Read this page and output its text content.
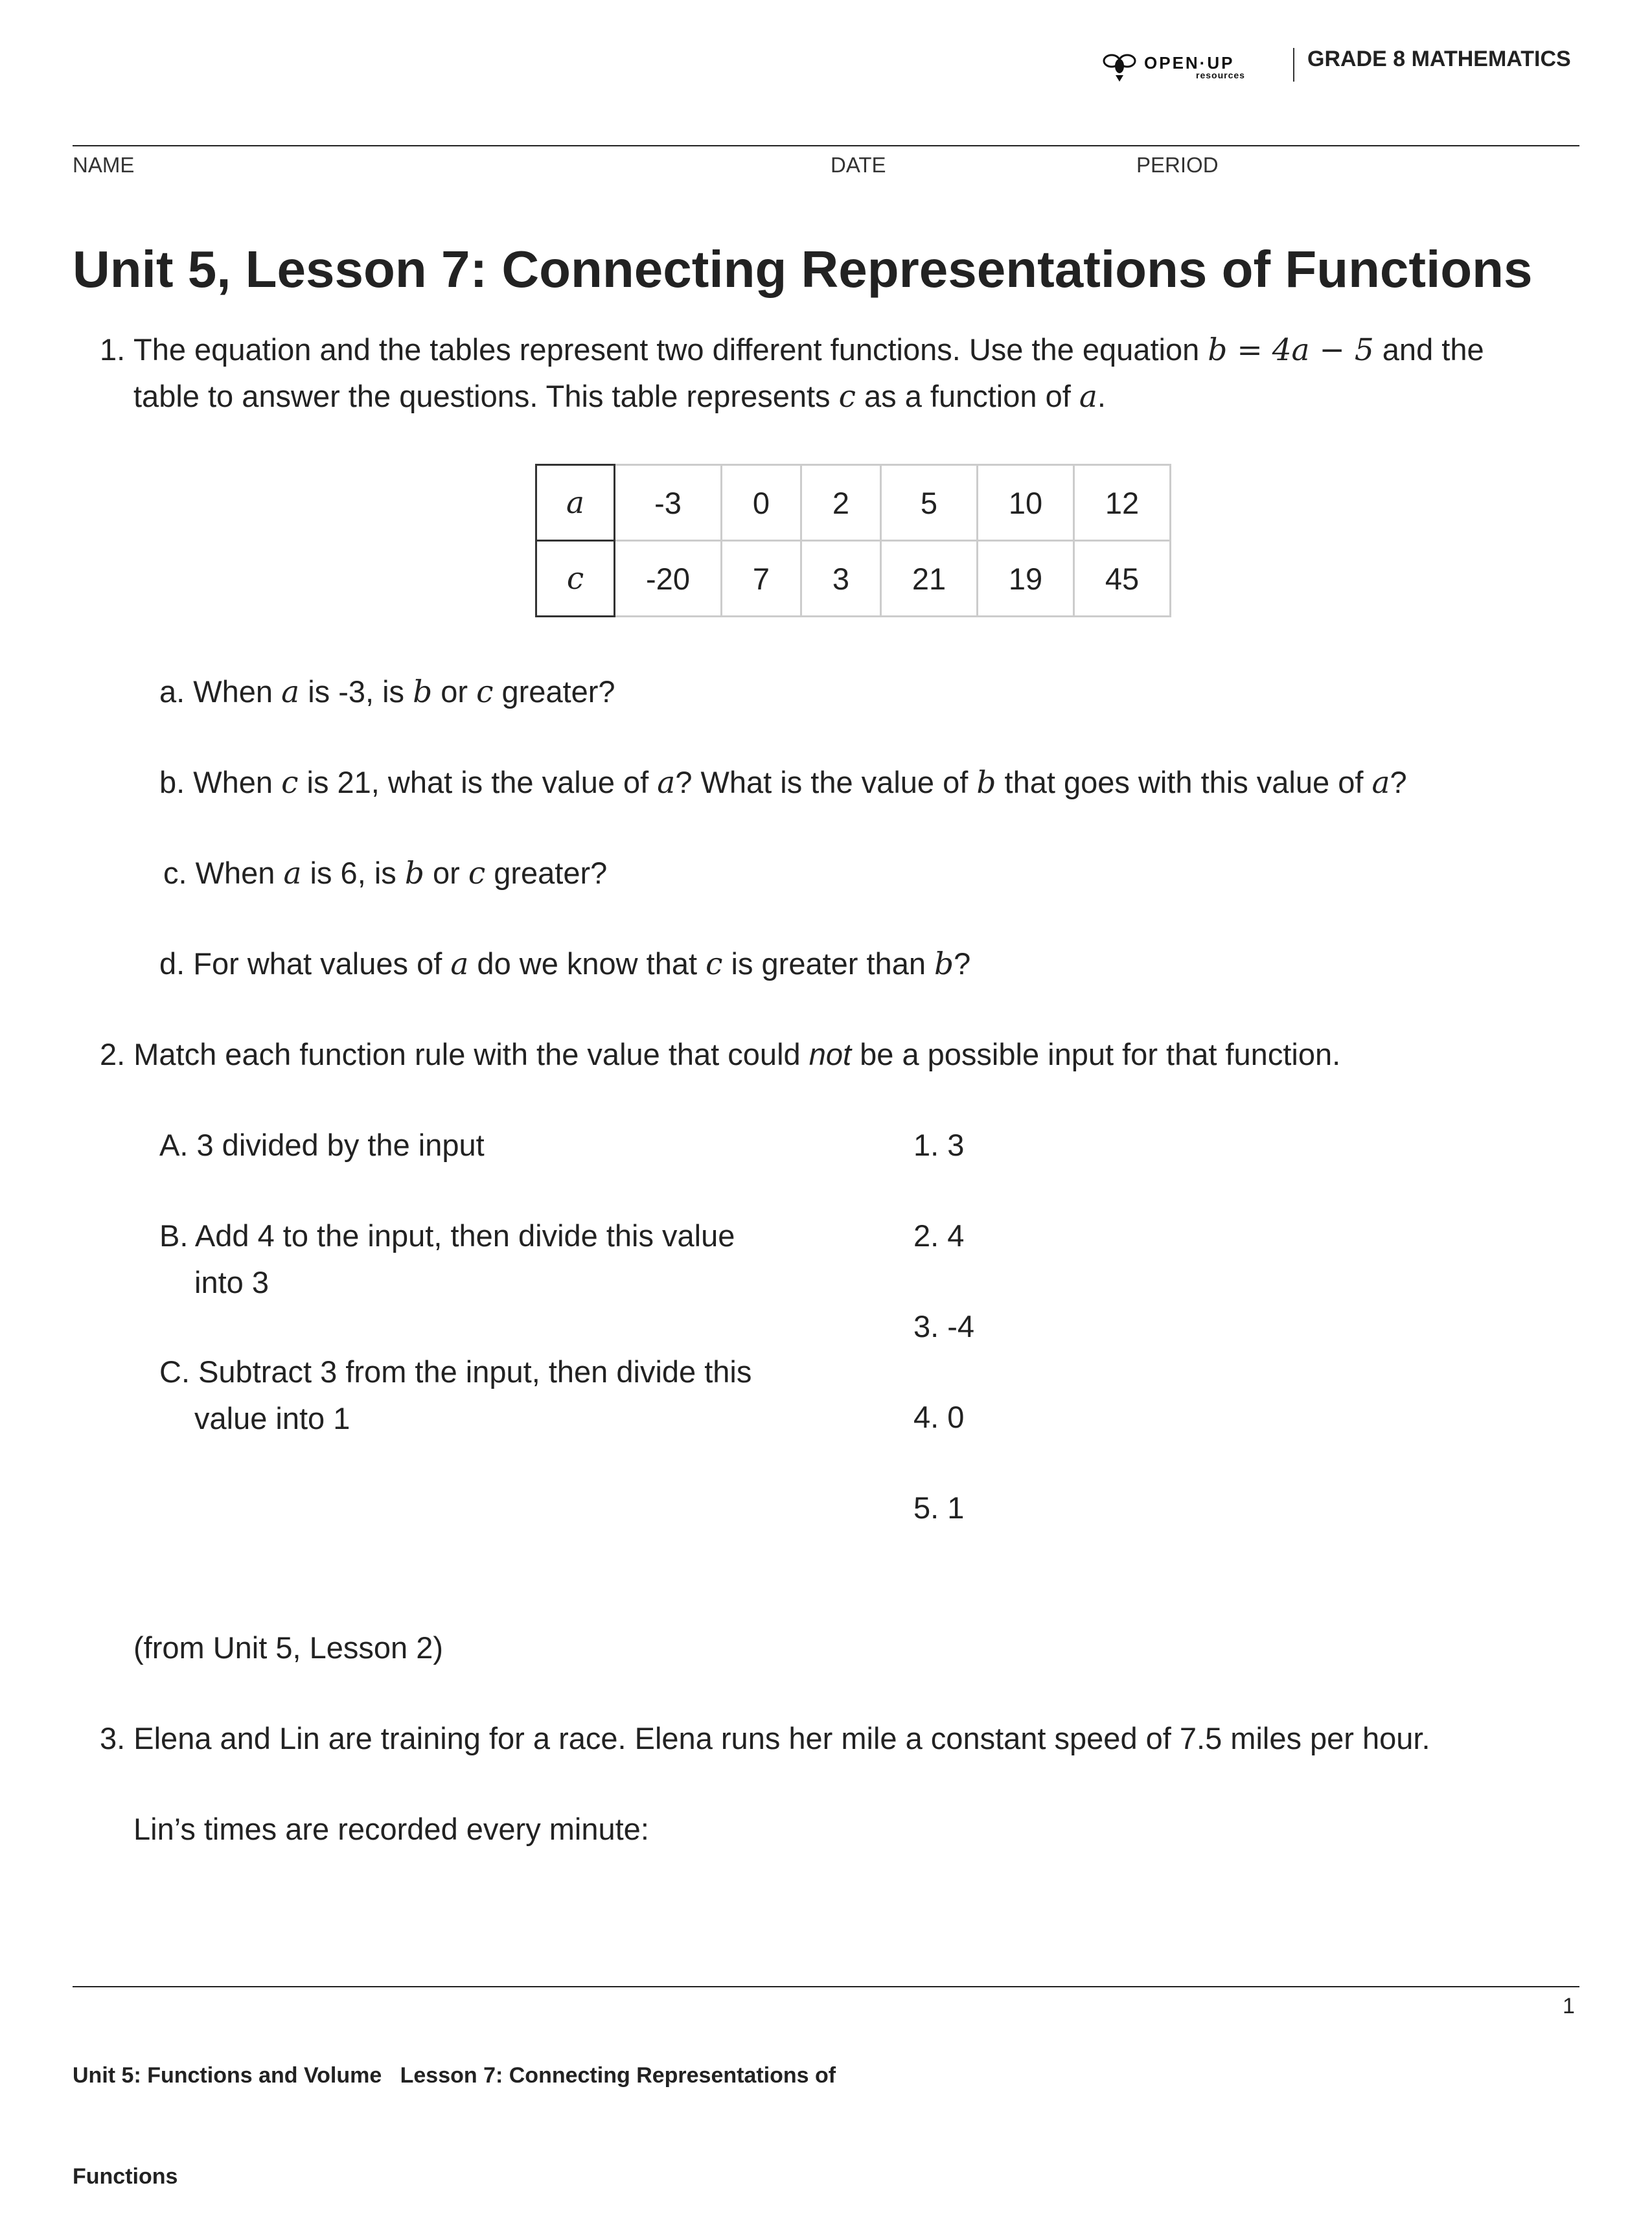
OPEN·UP
resources
GRADE 8 MATHEMATICS
NAME	DATE	PERIOD
Unit 5, Lesson 7: Connecting Representations of Functions
1. The equation and the tables represent two different functions. Use the equation b = 4a − 5 and the
table to answer the questions. This table represents c as a function of a.
a	-3	0	2	5	10	12
c	-20	7	3	21	19	45
a. When a is -3, is b or c greater?
b. When c is 21, what is the value of a? What is the value of b that goes with this value of a?
c. When a is 6, is b or c greater?
d. For what values of a do we know that c is greater than b?
2. Match each function rule with the value that could not be a possible input for that function.
A. 3 divided by the input
B. Add 4 to the input, then divide this value
into 3
C. Subtract 3 from the input, then divide this
value into 1
1. 3
2. 4
3. -4
4. 0
5. 1
(from Unit 5, Lesson 2)
3. Elena and Lin are training for a race. Elena runs her mile a constant speed of 7.5 miles per hour.
Lin’s times are recorded every minute:

Unit 5: Functions and Volume   Lesson 7: Connecting Representations of

Functions

1
